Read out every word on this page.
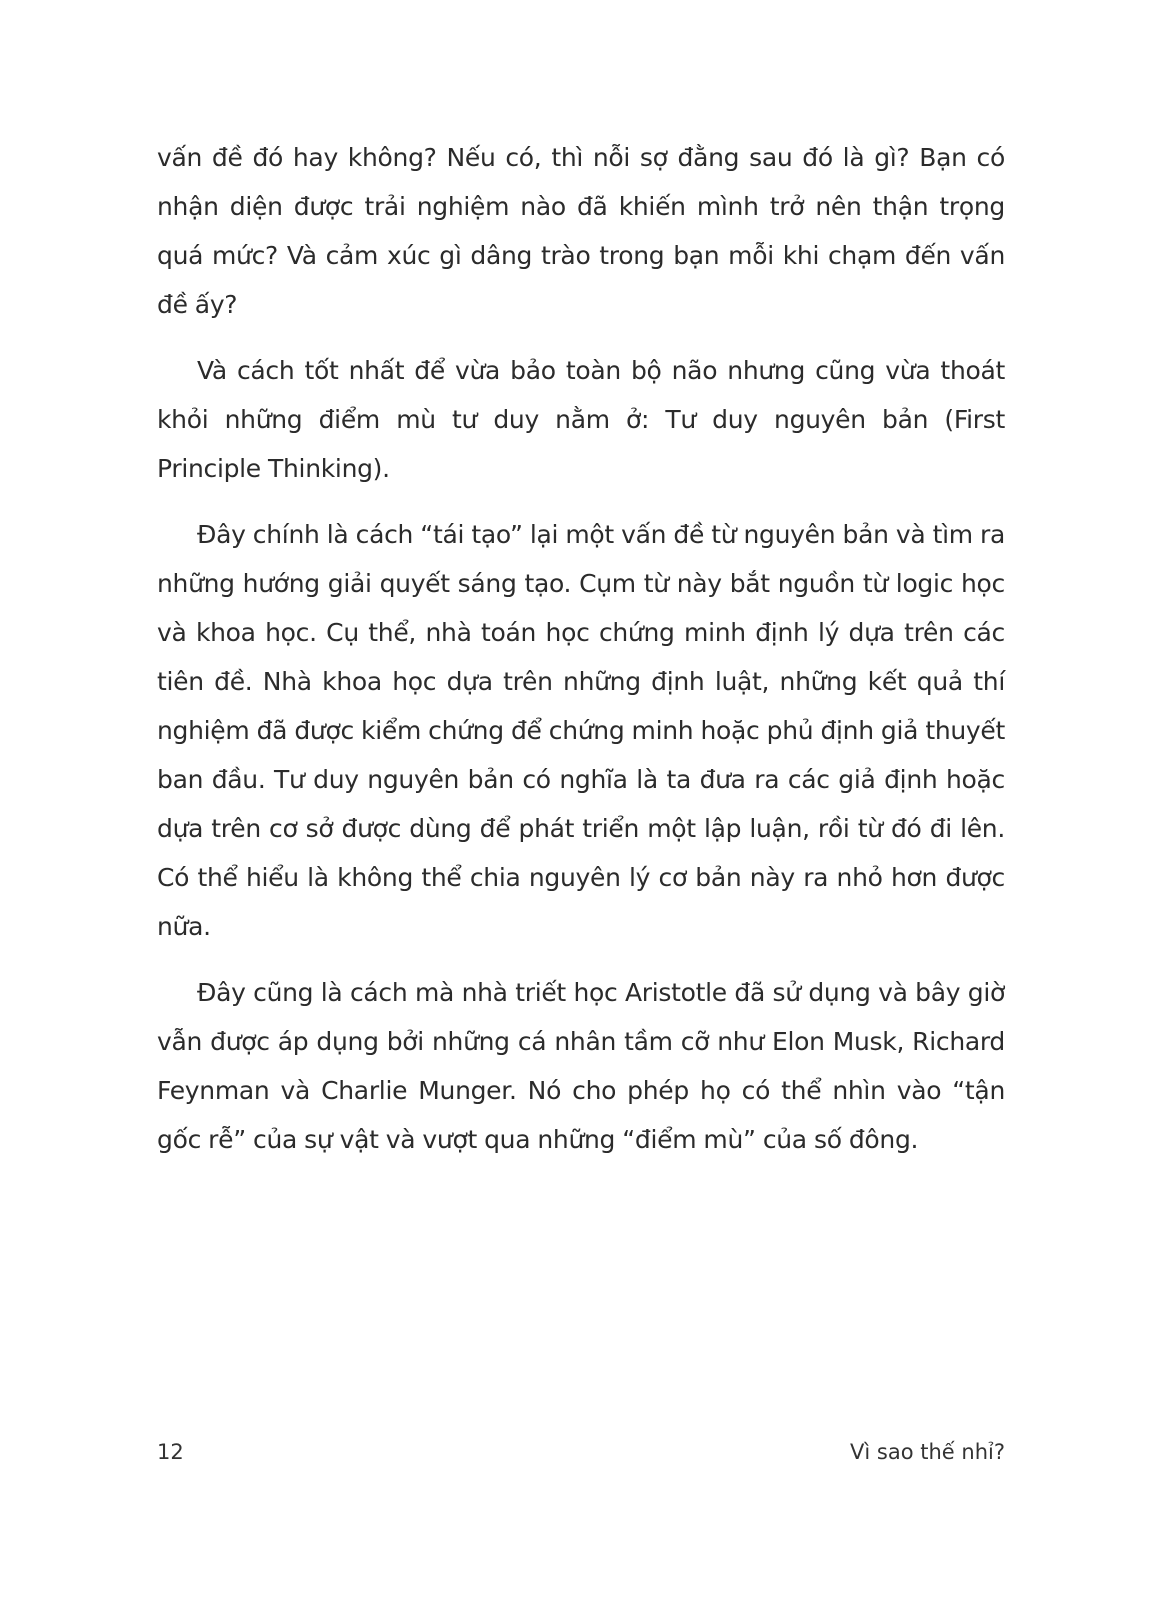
vấn đề đó hay không? Nếu có, thì nỗi sợ đằng sau đó là gì? Bạn có nhận diện được trải nghiệm nào đã khiến mình trở nên thận trọng quá mức? Và cảm xúc gì dâng trào trong bạn mỗi khi chạm đến vấn đề ấy?

Và cách tốt nhất để vừa bảo toàn bộ não nhưng cũng vừa thoát khỏi những điểm mù tư duy nằm ở: Tư duy nguyên bản (First Principle Thinking).

Đây chính là cách “tái tạo” lại một vấn đề từ nguyên bản và tìm ra những hướng giải quyết sáng tạo. Cụm từ này bắt nguồn từ logic học và khoa học. Cụ thể, nhà toán học chứng minh định lý dựa trên các tiên đề. Nhà khoa học dựa trên những định luật, những kết quả thí nghiệm đã được kiểm chứng để chứng minh hoặc phủ định giả thuyết ban đầu. Tư duy nguyên bản có nghĩa là ta đưa ra các giả định hoặc dựa trên cơ sở được dùng để phát triển một lập luận, rồi từ đó đi lên. Có thể hiểu là không thể chia nguyên lý cơ bản này ra nhỏ hơn được nữa.

Đây cũng là cách mà nhà triết học Aristotle đã sử dụng và bây giờ vẫn được áp dụng bởi những cá nhân tầm cỡ như Elon Musk, Richard Feynman và Charlie Munger. Nó cho phép họ có thể nhìn vào “tận gốc rễ” của sự vật và vượt qua những “điểm mù” của số đông.

12	Vì sao thế nhỉ?
